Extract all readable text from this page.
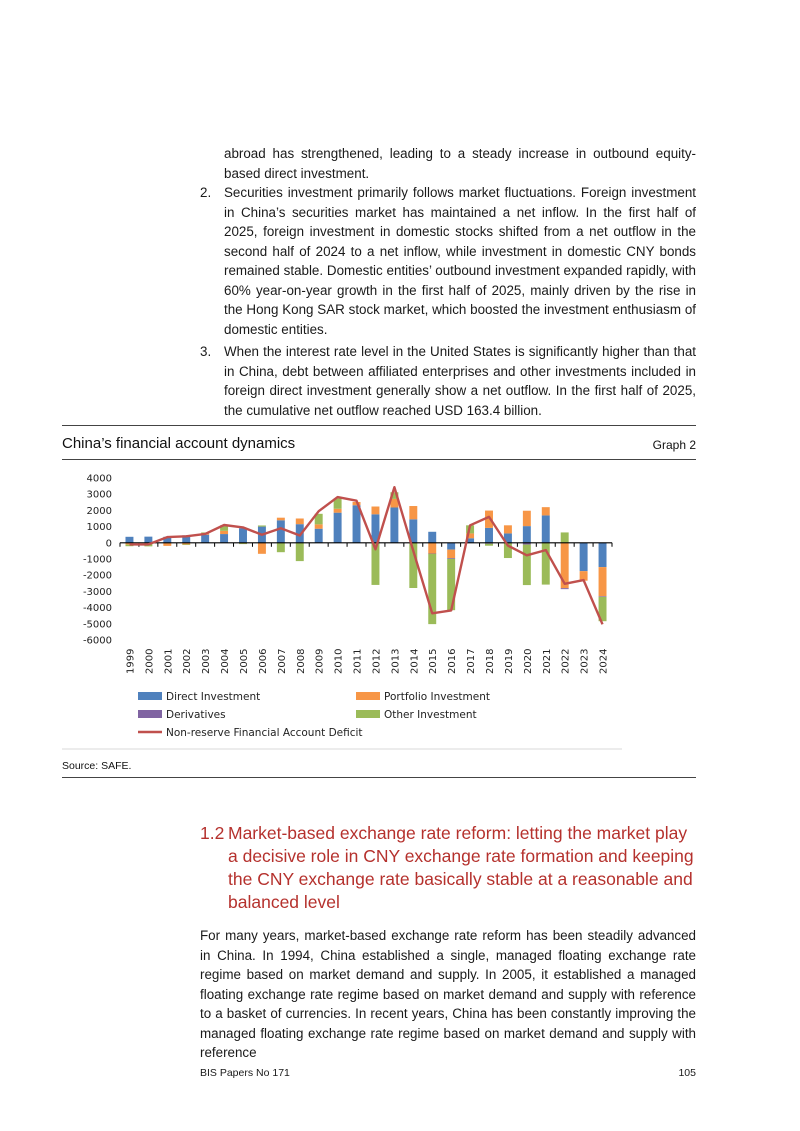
abroad has strengthened, leading to a steady increase in outbound equity-based direct investment.

2. Securities investment primarily follows market fluctuations. Foreign investment in China’s securities market has maintained a net inflow. In the first half of 2025, foreign investment in domestic stocks shifted from a net outflow in the second half of 2024 to a net inflow, while investment in domestic CNY bonds remained stable. Domestic entities’ outbound investment expanded rapidly, with 60% year-on-year growth in the first half of 2025, mainly driven by the rise in the Hong Kong SAR stock market, which boosted the investment enthusiasm of domestic entities.
3. When the interest rate level in the United States is significantly higher than that in China, debt between affiliated enterprises and other investments included in foreign direct investment generally show a net outflow. In the first half of 2025, the cumulative net outflow reached USD 163.4 billion.
China’s financial account dynamics	Graph 2
4000
3000
2000
1000
0
-1000
-2000
-3000
-4000
-5000
-6000
1999 2000 2001 2002 2003 2004 2005 2006 2007 2008 2009 2010 2011 2012 2013 2014 2015 2016 2017 2018 2019 2020 2021 2022 2023 2024
Direct Investment	Portfolio Investment
Derivatives	Other Investment
Non-reserve Financial Account Deficit
Source: SAFE.
1.2 Market-based exchange rate reform: letting the market play a decisive role in CNY exchange rate formation and keeping the CNY exchange rate basically stable at a reasonable and balanced level

For many years, market-based exchange rate reform has been steadily advanced in China. In 1994, China established a single, managed floating exchange rate regime based on market demand and supply. In 2005, it established a managed floating exchange rate regime based on market demand and supply with reference to a basket of currencies. In recent years, China has been constantly improving the managed floating exchange rate regime based on market demand and supply with reference

BIS Papers No 171	105
